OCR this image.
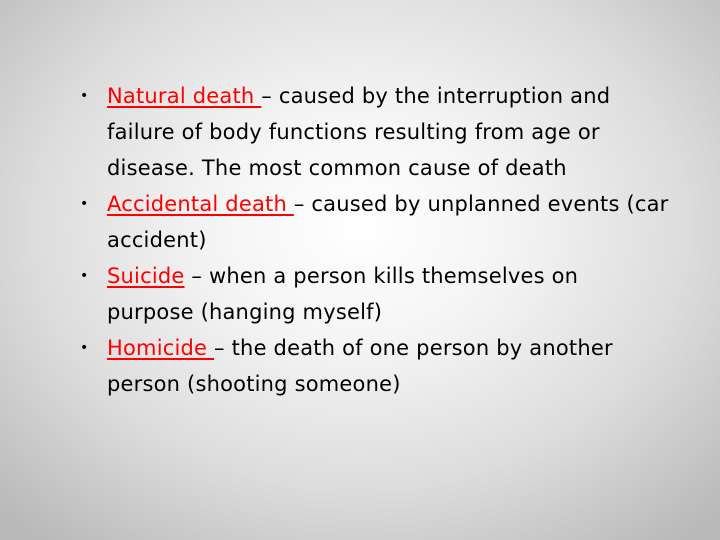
• Natural death – caused by the interruption and failure of body functions resulting from age or disease. The most common cause of death
• Accidental death – caused by unplanned events (car accident)
• Suicide – when a person kills themselves on purpose (hanging myself)
• Homicide – the death of one person by another person (shooting someone)
